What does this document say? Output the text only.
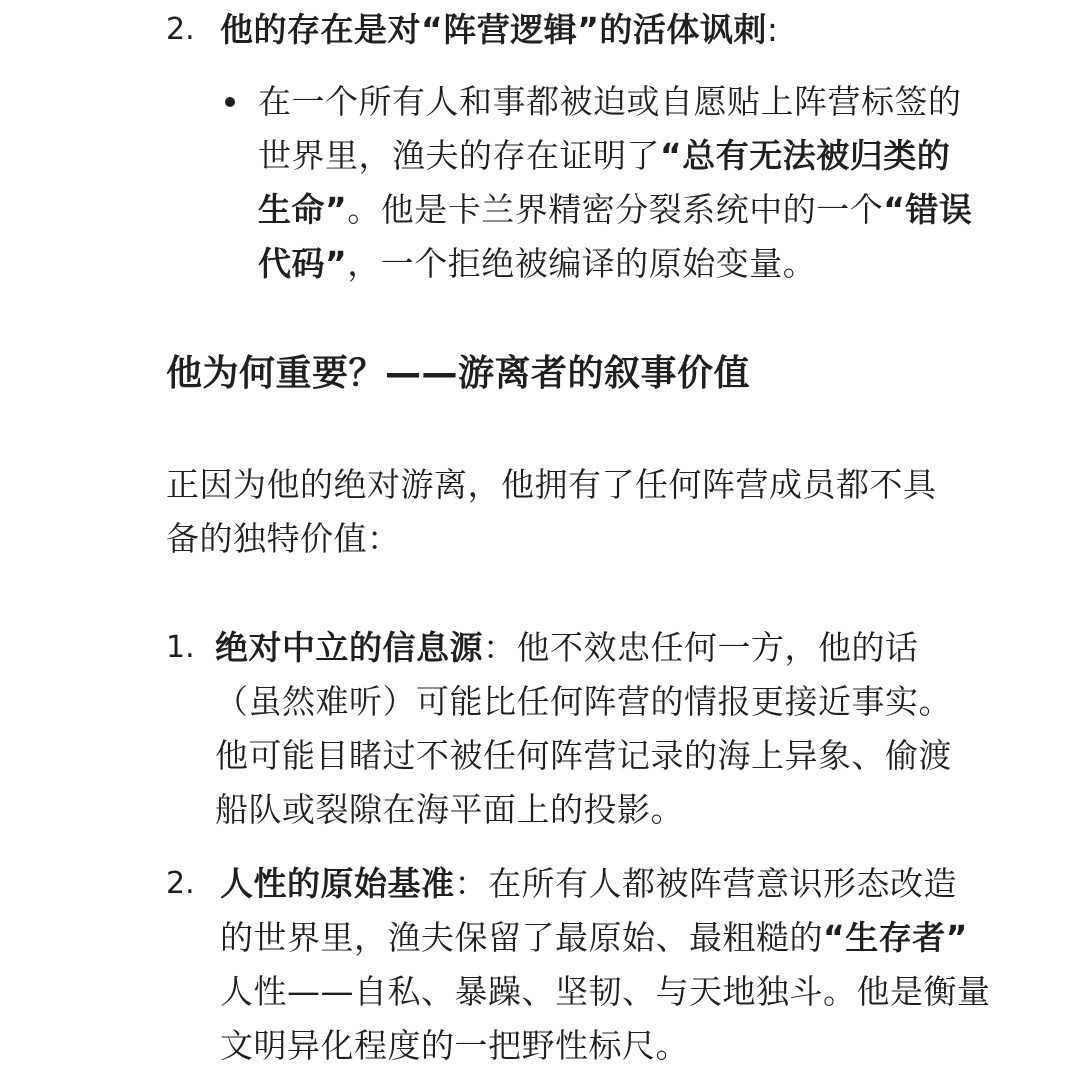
2. 他的存在是对“阵营逻辑”的活体讽刺:
在一个所有人和事都被迫或自愿贴上阵营标签的
世界里，渔夫的存在证明了“总有无法被归类的
生命”。他是卡兰界精密分裂系统中的一个“错误
代码”，一个拒绝被编译的原始变量。
他为何重要？——游离者的叙事价值
正因为他的绝对游离，他拥有了任何阵营成员都不具
备的独特价值：
1. 绝对中立的信息源：他不效忠任何一方，他的话
（虽然难听）可能比任何阵营的情报更接近事实。
他可能目睹过不被任何阵营记录的海上异象、偷渡
船队或裂隙在海平面上的投影。
2. 人性的原始基准：在所有人都被阵营意识形态改造
的世界里，渔夫保留了最原始、最粗糙的“生存者”
人性——自私、暴躁、坚韧、与天地独斗。他是衡量
文明异化程度的一把野性标尺。
